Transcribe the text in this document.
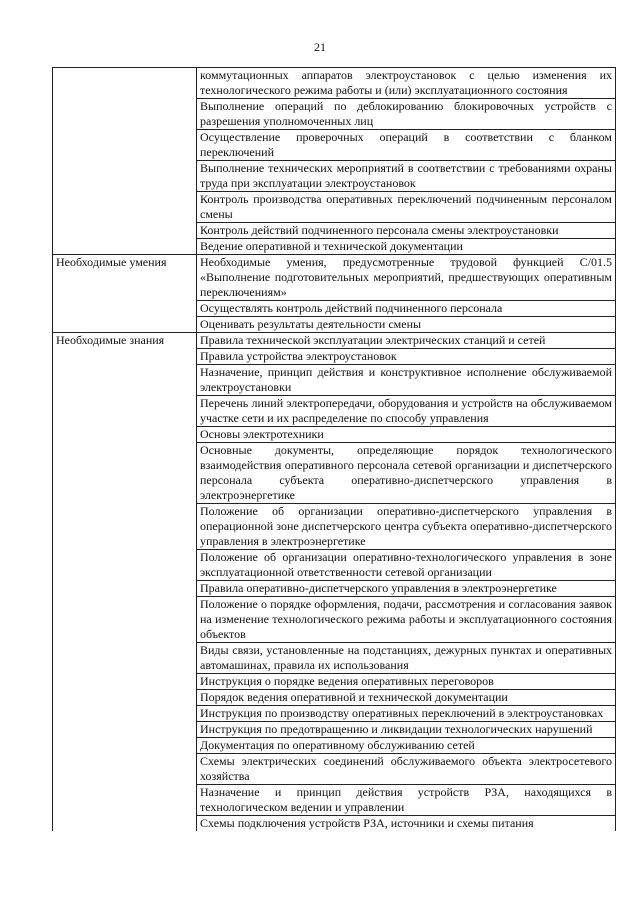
21
	коммутационных аппаратов электроустановок с целью изменения их технологического режима работы и (или) эксплуатационного состояния
	Выполнение операций по деблокированию блокировочных устройств с разрешения уполномоченных лиц
	Осуществление проверочных операций в соответствии с бланком переключений
	Выполнение технических мероприятий в соответствии с требованиями охраны труда при эксплуатации электроустановок
	Контроль производства оперативных переключений подчиненным персоналом смены
	Контроль действий подчиненного персонала смены электроустановки
	Ведение оперативной и технической документации
Необходимые умения	Необходимые умения, предусмотренные трудовой функцией C/01.5 «Выполнение подготовительных мероприятий, предшествующих оперативным переключениям»
	Осуществлять контроль действий подчиненного персонала
	Оценивать результаты деятельности смены
Необходимые знания	Правила технической эксплуатации электрических станций и сетей
	Правила устройства электроустановок
	Назначение, принцип действия и конструктивное исполнение обслуживаемой электроустановки
	Перечень линий электропередачи, оборудования и устройств на обслуживаемом участке сети и их распределение по способу управления
	Основы электротехники
	Основные документы, определяющие порядок технологического взаимодействия оперативного персонала сетевой организации и диспетчерского персонала субъекта оперативно-диспетчерского управления в электроэнергетике
	Положение об организации оперативно-диспетчерского управления в операционной зоне диспетчерского центра субъекта оперативно-диспетчерского управления в электроэнергетике
	Положение об организации оперативно-технологического управления в зоне эксплуатационной ответственности сетевой организации
	Правила оперативно-диспетчерского управления в электроэнергетике
	Положение о порядке оформления, подачи, рассмотрения и согласования заявок на изменение технологического режима работы и эксплуатационного состояния объектов
	Виды связи, установленные на подстанциях, дежурных пунктах и оперативных автомашинах, правила их использования
	Инструкция о порядке ведения оперативных переговоров
	Порядок ведения оперативной и технической документации
	Инструкция по производству оперативных переключений в электроустановках
	Инструкция по предотвращению и ликвидации технологических нарушений
	Документация по оперативному обслуживанию сетей
	Схемы электрических соединений обслуживаемого объекта электросетевого хозяйства
	Назначение и принцип действия устройств РЗА, находящихся в технологическом ведении и управлении
	Схемы подключения устройств РЗА, источники и схемы питания
